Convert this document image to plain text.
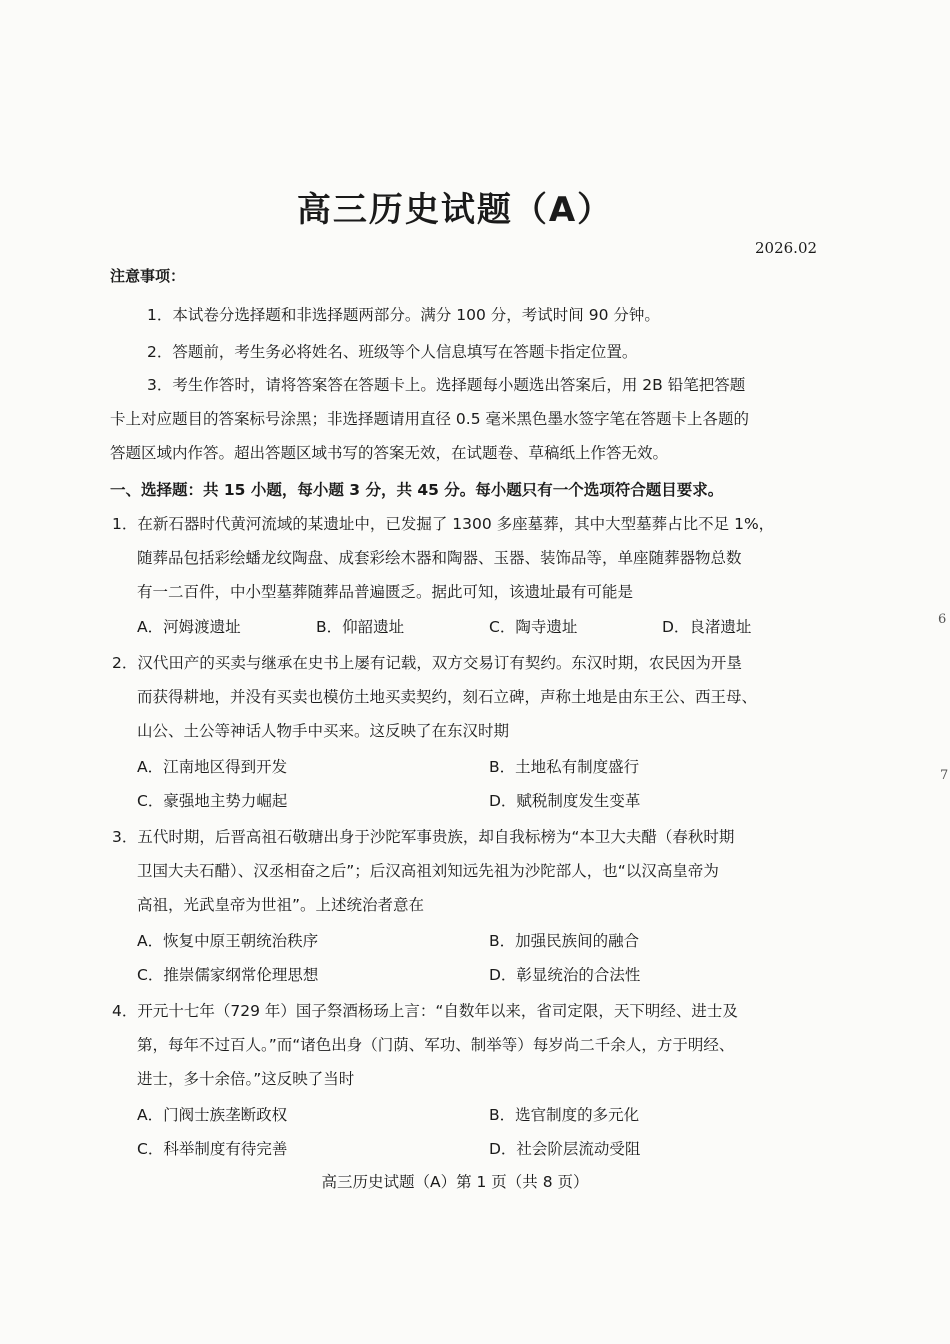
高三历史试题（A）
2026.02
注意事项：
1．本试卷分选择题和非选择题两部分。满分 100 分，考试时间 90 分钟。
2．答题前，考生务必将姓名、班级等个人信息填写在答题卡指定位置。
3．考生作答时，请将答案答在答题卡上。选择题每小题选出答案后，用 2B 铅笔把答题
卡上对应题目的答案标号涂黑；非选择题请用直径 0.5 毫米黑色墨水签字笔在答题卡上各题的
答题区域内作答。超出答题区域书写的答案无效，在试题卷、草稿纸上作答无效。
一、选择题：共 15 小题，每小题 3 分，共 45 分。每小题只有一个选项符合题目要求。
1．在新石器时代黄河流域的某遗址中，已发掘了 1300 多座墓葬，其中大型墓葬占比不足 1%，
随葬品包括彩绘蟠龙纹陶盘、成套彩绘木器和陶器、玉器、装饰品等，单座随葬器物总数
有一二百件，中小型墓葬随葬品普遍匮乏。据此可知，该遗址最有可能是
A．河姆渡遗址	B．仰韶遗址	C．陶寺遗址	D．良渚遗址
2．汉代田产的买卖与继承在史书上屡有记载，双方交易订有契约。东汉时期，农民因为开垦
而获得耕地，并没有买卖也模仿土地买卖契约，刻石立碑，声称土地是由东王公、西王母、
山公、土公等神话人物手中买来。这反映了在东汉时期
A．江南地区得到开发	B．土地私有制度盛行
C．豪强地主势力崛起	D．赋税制度发生变革
3．五代时期，后晋高祖石敬瑭出身于沙陀军事贵族，却自我标榜为“本卫大夫醋（春秋时期
卫国大夫石醋）、汉丞相奋之后”；后汉高祖刘知远先祖为沙陀部人，也“以汉高皇帝为
高祖，光武皇帝为世祖”。上述统治者意在
A．恢复中原王朝统治秩序	B．加强民族间的融合
C．推崇儒家纲常伦理思想	D．彰显统治的合法性
4．开元十七年（729 年）国子祭酒杨玚上言：“自数年以来，省司定限，天下明经、进士及
第，每年不过百人。”而“诸色出身（门荫、军功、制举等）每岁尚二千余人，方于明经、
进士，多十余倍。”这反映了当时
A．门阀士族垄断政权	B．选官制度的多元化
C．科举制度有待完善	D．社会阶层流动受阻
高三历史试题（A）第 1 页（共 8 页）
6
7
